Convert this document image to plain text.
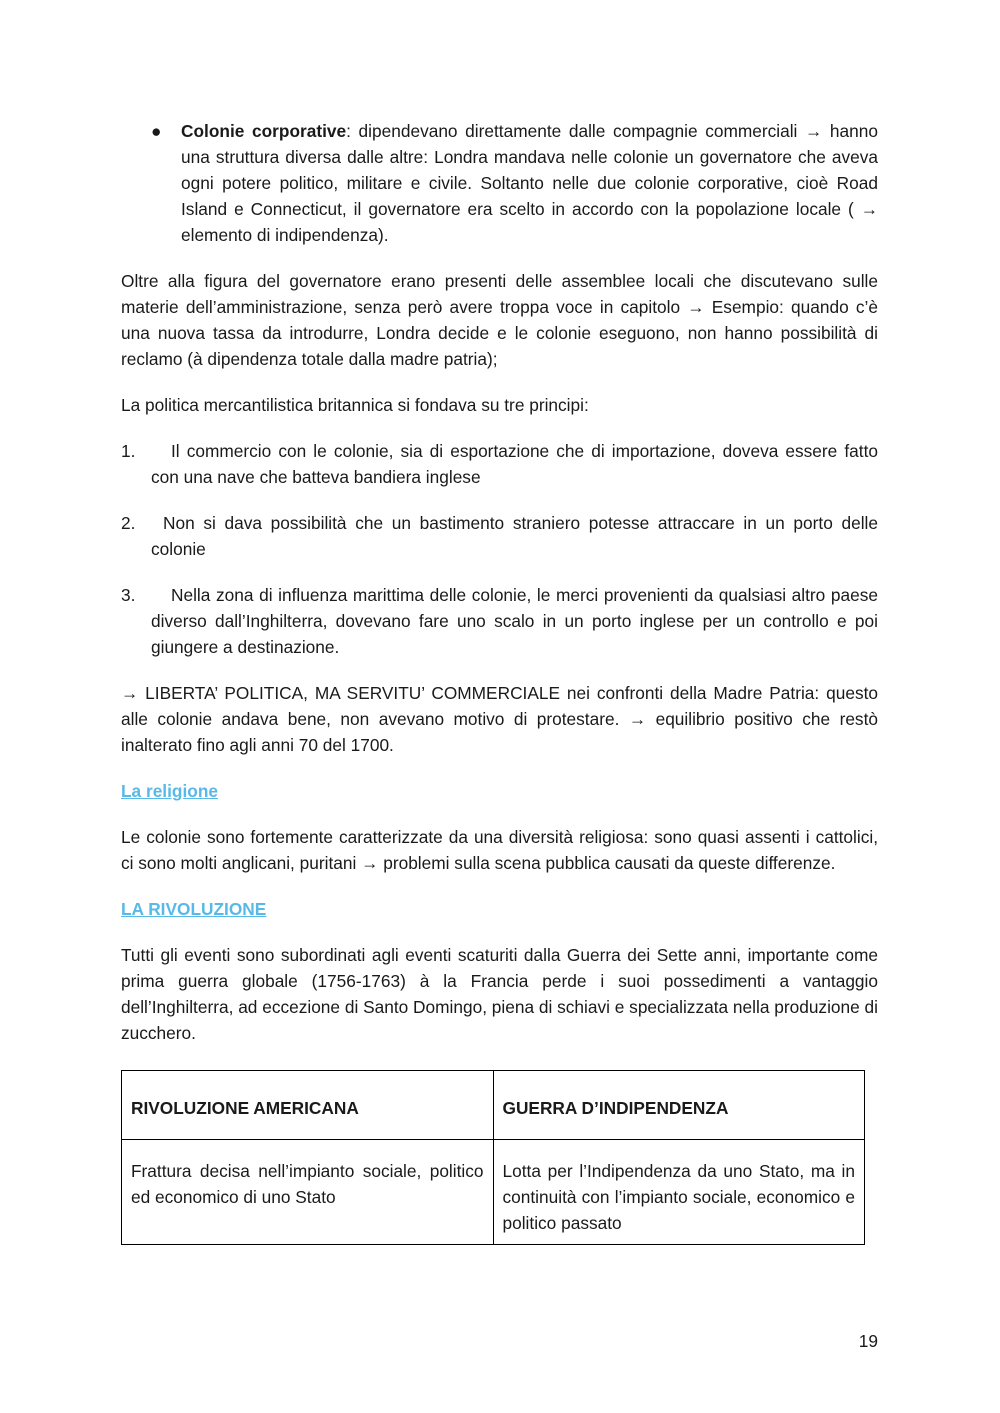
● Colonie corporative: dipendevano direttamente dalle compagnie commerciali → hanno una struttura diversa dalle altre: Londra mandava nelle colonie un governatore che aveva ogni potere politico, militare e civile. Soltanto nelle due colonie corporative, cioè Road Island e Connecticut, il governatore era scelto in accordo con la popolazione locale ( → elemento di indipendenza).

Oltre alla figura del governatore erano presenti delle assemblee locali che discutevano sulle materie dell’amministrazione, senza però avere troppa voce in capitolo → Esempio: quando c’è una nuova tassa da introdurre, Londra decide e le colonie eseguono, non hanno possibilità di reclamo (à dipendenza totale dalla madre patria);

La politica mercantilistica britannica si fondava su tre principi:

1. Il commercio con le colonie, sia di esportazione che di importazione, doveva essere fatto con una nave che batteva bandiera inglese
2. Non si dava possibilità che un bastimento straniero potesse attraccare in un porto delle colonie
3. Nella zona di influenza marittima delle colonie, le merci provenienti da qualsiasi altro paese diverso dall’Inghilterra, dovevano fare uno scalo in un porto inglese per un controllo e poi giungere a destinazione.

→ LIBERTA’ POLITICA, MA SERVITU’ COMMERCIALE nei confronti della Madre Patria: questo alle colonie andava bene, non avevano motivo di protestare. → equilibrio positivo che restò inalterato fino agli anni 70 del 1700.

La religione

Le colonie sono fortemente caratterizzate da una diversità religiosa: sono quasi assenti i cattolici, ci sono molti anglicani, puritani → problemi sulla scena pubblica causati da queste differenze.

LA RIVOLUZIONE

Tutti gli eventi sono subordinati agli eventi scaturiti dalla Guerra dei Sette anni, importante come prima guerra globale (1756-1763) à la Francia perde i suoi possedimenti a vantaggio dell’Inghilterra, ad eccezione di Santo Domingo, piena di schiavi e specializzata nella produzione di zucchero.

RIVOLUZIONE AMERICANA	GUERRA D’INDIPENDENZA
Frattura decisa nell’impianto sociale, politico ed economico di uno Stato	Lotta per l’Indipendenza da uno Stato, ma in continuità con l’impianto sociale, economico e politico passato
19
